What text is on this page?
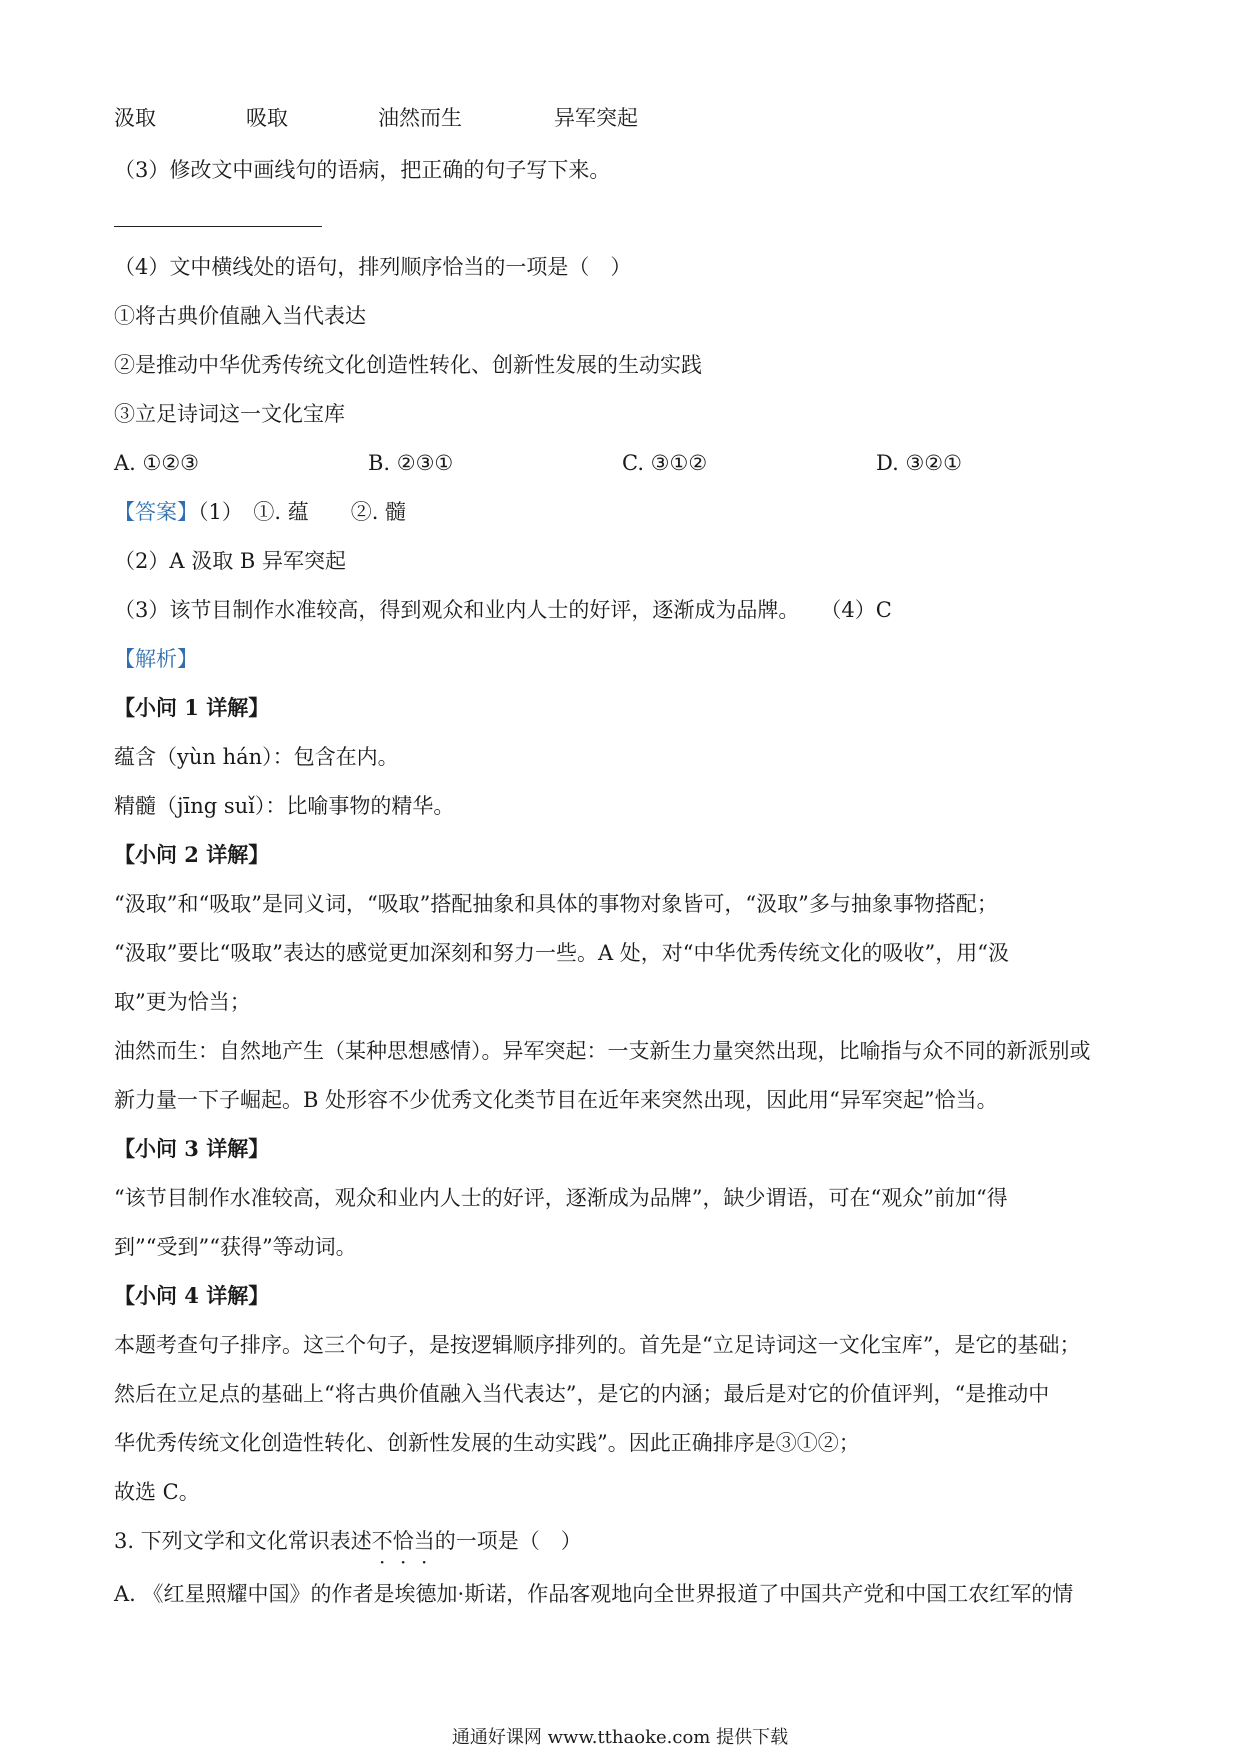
汲取	吸取	油然而生	异军突起
（3）修改文中画线句的语病，把正确的句子写下来。
（4）文中横线处的语句，排列顺序恰当的一项是（　）
①将古典价值融入当代表达
②是推动中华优秀传统文化创造性转化、创新性发展的生动实践
③立足诗词这一文化宝库
A. ①②③	B. ②③①	C. ③①②	D. ③②①
【答案】（1）　①. 蕴　　②. 髓
（2）A 汲取 B 异军突起
（3）该节目制作水准较高，得到观众和业内人士的好评，逐渐成为品牌。　　（4）C
【解析】
【小问 1 详解】
蕴含（yùn hán）：包含在内。
精髓（jīng suǐ）：比喻事物的精华。
【小问 2 详解】
“汲取”和“吸取”是同义词，“吸取”搭配抽象和具体的事物对象皆可，“汲取”多与抽象事物搭配；
“汲取”要比“吸取”表达的感觉更加深刻和努力一些。A 处，对“中华优秀传统文化的吸收”，用“汲
取”更为恰当；
油然而生：自然地产生（某种思想感情）。异军突起：一支新生力量突然出现，比喻指与众不同的新派别或
新力量一下子崛起。B 处形容不少优秀文化类节目在近年来突然出现，因此用“异军突起”恰当。
【小问 3 详解】
“该节目制作水准较高，观众和业内人士的好评，逐渐成为品牌”，缺少谓语，可在“观众”前加“得
到”“受到”“获得”等动词。
【小问 4 详解】
本题考查句子排序。这三个句子，是按逻辑顺序排列的。首先是“立足诗词这一文化宝库”，是它的基础；
然后在立足点的基础上“将古典价值融入当代表达”，是它的内涵；最后是对它的价值评判，“是推动中
华优秀传统文化创造性转化、创新性发展的生动实践”。因此正确排序是③①②；
故选 C。
3. 下列文学和文化常识表述不恰当的一项是（　）
A. 《红星照耀中国》的作者是埃德加·斯诺，作品客观地向全世界报道了中国共产党和中国工农红军的情
通通好课网 www.tthaoke.com 提供下载
